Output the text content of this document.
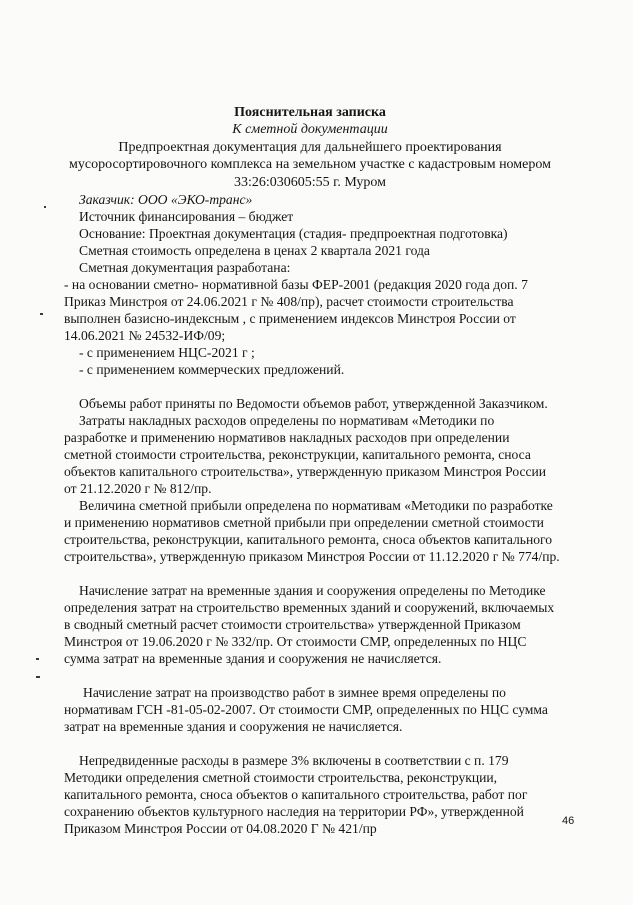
Пояснительная записка
К сметной документации
Предпроектная документация для дальнейшего проектирования
мусоросортировочного комплекса на земельном участке с кадастровым номером
33:26:030605:55 г. Муром
Заказчик: ООО «ЭКО-транс»
Источник финансирования – бюджет
Основание: Проектная документация (стадия- предпроектная подготовка)
Сметная стоимость определена в ценах 2 квартала 2021 года
Сметная документация разработана:
- на основании сметно- нормативной базы ФЕР-2001 (редакция 2020 года доп. 7
Приказ Минстроя от 24.06.2021 г № 408/пр), расчет стоимости строительства
выполнен базисно-индексным , с применением индексов Минстроя России от
14.06.2021 № 24532-ИФ/09;
- с применением НЦС-2021 г ;
- с применением коммерческих предложений.
Объемы работ приняты по Ведомости объемов работ, утвержденной Заказчиком.
Затраты накладных расходов определены по нормативам «Методики по
разработке и применению нормативов накладных расходов при определении
сметной стоимости строительства, реконструкции, капитального ремонта, сноса
объектов капитального строительства», утвержденную приказом Минстроя России
от 21.12.2020 г № 812/пр.
Величина сметной прибыли определена по нормативам «Методики по разработке
и применению нормативов сметной прибыли при определении сметной стоимости
строительства, реконструкции, капитального ремонта, сноса объектов капитального
строительства», утвержденную приказом Минстроя России от 11.12.2020 г № 774/пр.
Начисление затрат на временные здания и сооружения определены по Методике
определения затрат на строительство временных зданий и сооружений, включаемых
в сводный сметный расчет стоимости строительства» утвержденной Приказом
Минстроя от 19.06.2020 г № 332/пр. От стоимости СМР, определенных по НЦС
сумма затрат на временные здания и сооружения не начисляется.
Начисление затрат на производство работ в зимнее время определены по
нормативам ГСН -81-05-02-2007. От стоимости СМР, определенных по НЦС сумма
затрат на временные здания и сооружения не начисляется.
Непредвиденные расходы в размере 3% включены в соответствии с п. 179
Методики определения сметной стоимости строительства, реконструкции,
капитального ремонта, сноса объектов о капитального строительства, работ пог
сохранению объектов культурного наследия на территории РФ», утвержденной
Приказом Минстроя России от 04.08.2020 Г № 421/пр	46
